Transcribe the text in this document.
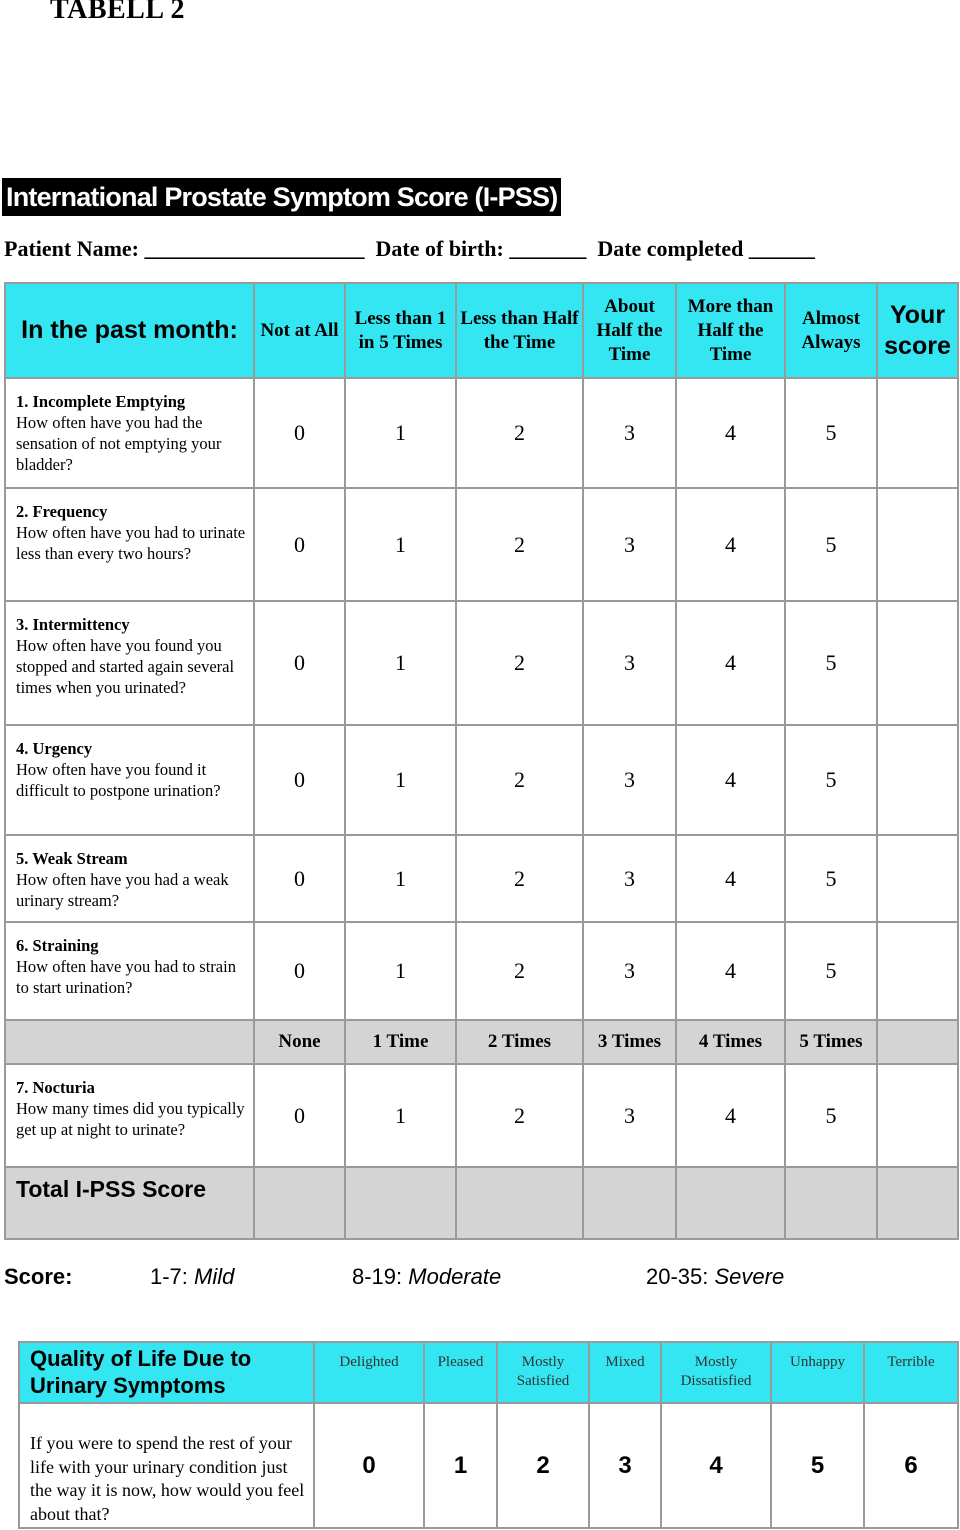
TABELL 2
International Prostate Symptom Score (I-PSS)
Patient Name: ____________________  Date of birth: _______  Date completed ______
In the past month:	Not at All	Less than 1 in 5 Times	Less than Half the Time	About Half the Time	More than Half the Time	Almost Always	Your score

1. Incomplete Emptying
How often have you had the sensation of not emptying your bladder?	0	1	2	3	4	5	

2. Frequency
How often have you had to urinate less than every two hours?	0	1	2	3	4	5	

3. Intermittency
How often have you found you stopped and started again several times when you urinated?	0	1	2	3	4	5	

4. Urgency
How often have you found it difficult to postpone urination?	0	1	2	3	4	5	

5. Weak Stream
How often have you had a weak urinary stream?	0	1	2	3	4	5	

6. Straining
How often have you had to strain to start urination?	0	1	2	3	4	5	
	None	1 Time	2 Times	3 Times	4 Times	5 Times	

7. Nocturia
How many times did you typically get up at night to urinate?	0	1	2	3	4	5	
Total I-PSS Score							
Score:	1-7: Mild	8-19: Moderate	20-35: Severe
Quality of Life Due to Urinary Symptoms	Delighted	Pleased	Mostly Satisfied	Mixed	Mostly Dissatisfied	Unhappy	Terrible
If you were to spend the rest of your life with your urinary condition just the way it is now, how would you feel about that?	0	1	2	3	4	5	6
